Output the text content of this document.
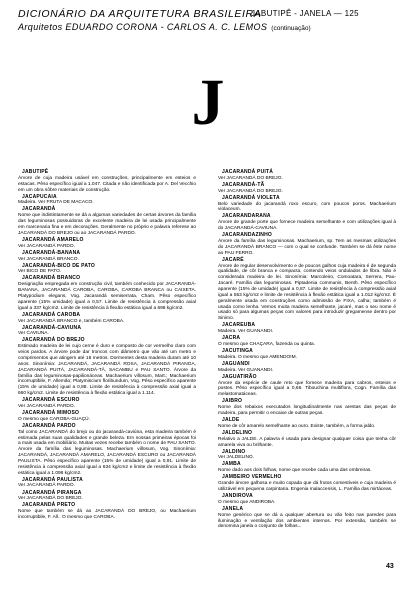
DICIONÁRIO DA ARQUITETURA BRASILEIRA
Arquitetos EDUARDO CORONA - CARLOS A. C. LEMOS (continuação)
JABUTIPÊ - JANELA — 125
J
JABUTIPÊ
Árvore de cuja madeira usável em construções, principalmente em esteios e estacas. Pêso específico igual a 1.047. Citada e não identificada por A. Del Vecchio em um obra sôbre materiais de construção.
JACAPUCAIA
Madeira. Ver FRUTA DE MACACO.
JACARANDÁ
Nome que indistintamente se dá a algumas variedades de certas árvores da família das leguminosas possuidoras de excelente madeira de lei usada principalmente em marcenaria fina e em decorações. Geralmente no próprio e palavra referese ao JACARANDÁ DO BREJO ou ao JACARANDÁ PARDO.
JACARANDÁ AMARELO
Ver JACARANDÁ PARDO.
JACARANDÁ-BANANA
Ver JACARANDÁ BRANCO.
JACARANDÁ-BICO DE PATO
Ver BICO DE PATO.
JACARANDÁ BRANCO
Designação empregada em construção civil, também conhecido por JACARANDÁ-BANANA, JACARANDÁ CAROBA, CAROBA, CAROBA BRANCA ou CAIXETA. Platypodium elegans, Vog. Jacarandá semiserrata, Cham. Pêso específico aparente (15% umidade) igual a 0,57. Limite de resistência à compressão axial igual a 337 kg/cm2. Limite de resistência à flexão estática igual a 698 kg/cm2.
JACARANDÁ CAROBA
Ver JACARANDÁ BRANCO e, também CAROBA.
JACARANDÁ-CAVIUNA
Ver CAVIUNA.
JACARANDÁ DO BREJO
Estimado madeira de lei cujo cerne é duro e composto de cor vermelho claro com veios pardos. A árvore pode dar troncos com diâmetro que vão até um metro e comprimentos que atingem até 18 metros. Dormentes desta madeira duram até 10 anos. Sinonímia: JACARANDÁ, JACARANDÁ ROSA, JACARANDÁ PIRANGA, JACARANDÁ PUITÁ, JACARANDÁ-TÃ, SACAMBU e PAU SANTO. Árvore da família das leguminosas-papilionáceas. Machaerium villosum, Mart.; Machaerium incorruptibile, F. Allemão; Platymiscium floribundum, Vog. Pêso específico aparente (15% de umidade) igual a 0,88. Limite de resistência à compressão axial igual a 660 kg/cm2. Limite de resistência à flexão estática igual a 1.114.
JACARANDÁ ESCURO
Ver JACARANDÁ PARDO.
JACARANDÁ MIMOSO
O mesmo que CAROBA-GUAÇÚ.
JACARANDÁ PARDO
Tal como JACARANDÁ do brejo ou do jacarandá-caviúna, esta madeira também é estimada pelas suas qualidades e grande beleza. Em nossas primeiras épocas foi a mais usada em mobiliário. Muitas vezes recebe também o nome de PAU SANTO. Árvore da família das leguminosas. Machaerium villosum, Vog. Sinonímia: JACARANDÁ, JACARANDÁ AMARELO, JACARANDÁ ESCURO ou JACARANDÁ PAULISTA. Pêso específico aparente (15% de umidade) igual a 0,91. Limite de resistência à compressão axial igual a 634 kg/cm2 e limite de resistência à flexão estática igual a 1.098 kg/cm2.
JACARANDÁ PAULISTA
Ver JACARANDÁ PARDO.
JACARANDÁ PIRANGA
Ver JACARANDÁ DO BREJO.
JACARANDÁ PRETO
Nome que também se dá ao JACARANDÁ DO BREJO, ou Machaerium incorruptibile, F. All.. O mesmo que CAROBA.
JACARANDÁ PUITÁ
Ver JACARANDÁ DO BREJO.
JACARANDÁ-TÃ
Ver JACARANDÁ DO BREJO.
JACARANDÁ VIOLETA
Belo variedade do jacarandá roxo escuro, com poucos poros. Machaerium violaceum.
JACARANDARANA
Árvore de grande porte que fornece madeira semelhante e com utilizações igual à do JACARANDÁ-CAVIUNA.
JACARANDAZINHO
Árvore da família das leguminosas. Machaerium, sp. Tem as mesmas utilizações do JACARANDÁ BRANCO — com o qual se confunde. Também se dá êste nome ao PAU FERRO.
JACARÉ
Árvore de regular desenvolvimento e de poucos galhos cuja madeira é de segunda qualidade, de côr branca e compacta, contendo veios ondulados de fibra. Não é considerada madeira de lei. Sinonímia: Marcoleiro, Comoatara, Serrera, Pau-Jacaré. Família das leguminosas. Piptadenia communis, Benth. Pêso específico aparente (15% de umidade) igual a 0,87. Limite de resistência à compressão axial igual a 553 kg/cm2 e limite de resistência à flexão estática igual a 1.012 kg/cm2. É geralmente usada em construções como admissão de FIXA, calha; também é usada como lenha. Vemos muita madeira semelhante, jacaré, mas o seu nome é usado só para algumas peças com valores para introduzir gregamense dentro por Sinimo.
JACAREUBA
Madeira. Ver GUANANDI.
JACRA
O mesmo que CHAÇARA, fazenda ou quinta.
JACUTINGA
Madeira. O mesmo que AMENDOIM.
JAGUANDI
Madeira. Ver GUANANDI.
JAGUATIRÃO
Árvore da espécie de caule reto que fornece madeira para cabros, esteios e postes. Pêso específico igual a 0,66. Tibouchina multiflora, Cogn. Família das melastomatáceas.
JAIBRO
Nome dos rebaixos executados longitudinalmente nas arestas das peças de madeira, para permitir o encaixe de outras peças.
JALDE
Nome de côr amarelo semelhante ao ouro. Existe, também, a forma jaldo.
JALDELINO
Relativo a JALDE. A palavra é usada para designar qualquer coisa que tenha côr amarela viva ou brilhante.
JALDINO
Ver JALDELINO.
JAMBA
Nome dado aos dois folhas, nome que recebe cada uma das ombreiras.
JAMBEIRO VERMELHO
Grande árvore galhosa e muito copada que dá frutos comestíveis e cuja madeira é utilizável em pequena carpintaria. Engenia malaccensis, L. Família das mirtáceas.
JANDIROVA
O mesmo que ANDIROBA.
JANELA
Nome genérico que se dá a qualquer abertura ou vão feito nas paredes para iluminação e ventilação dos ambientes internos. Por extensão, também se denomina janela o conjunto de folhas...
43
